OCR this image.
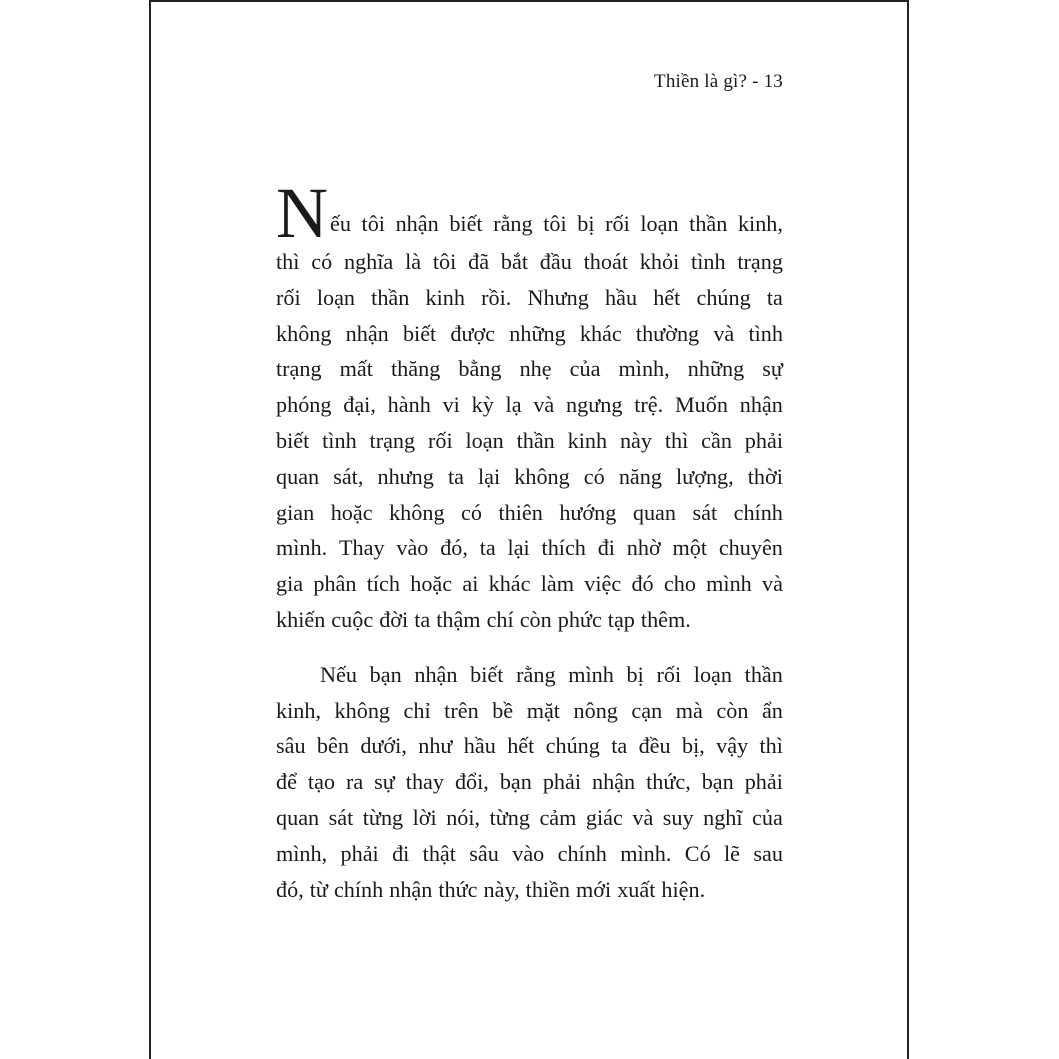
Thiền là gì? - 13
N ếu tôi nhận biết rằng tôi bị rối loạn thần kinh,
thì có nghĩa là tôi đã bắt đầu thoát khỏi tình trạng
rối loạn thần kinh rồi. Nhưng hầu hết chúng ta
không nhận biết được những khác thường và tình
trạng mất thăng bằng nhẹ của mình, những sự
phóng đại, hành vi kỳ lạ và ngưng trệ. Muốn nhận
biết tình trạng rối loạn thần kinh này thì cần phải
quan sát, nhưng ta lại không có năng lượng, thời
gian hoặc không có thiên hướng quan sát chính
mình. Thay vào đó, ta lại thích đi nhờ một chuyên
gia phân tích hoặc ai khác làm việc đó cho mình và
khiến cuộc đời ta thậm chí còn phức tạp thêm.
Nếu bạn nhận biết rằng mình bị rối loạn thần
kinh, không chỉ trên bề mặt nông cạn mà còn ẩn
sâu bên dưới, như hầu hết chúng ta đều bị, vậy thì
để tạo ra sự thay đổi, bạn phải nhận thức, bạn phải
quan sát từng lời nói, từng cảm giác và suy nghĩ của
mình, phải đi thật sâu vào chính mình. Có lẽ sau
đó, từ chính nhận thức này, thiền mới xuất hiện.
